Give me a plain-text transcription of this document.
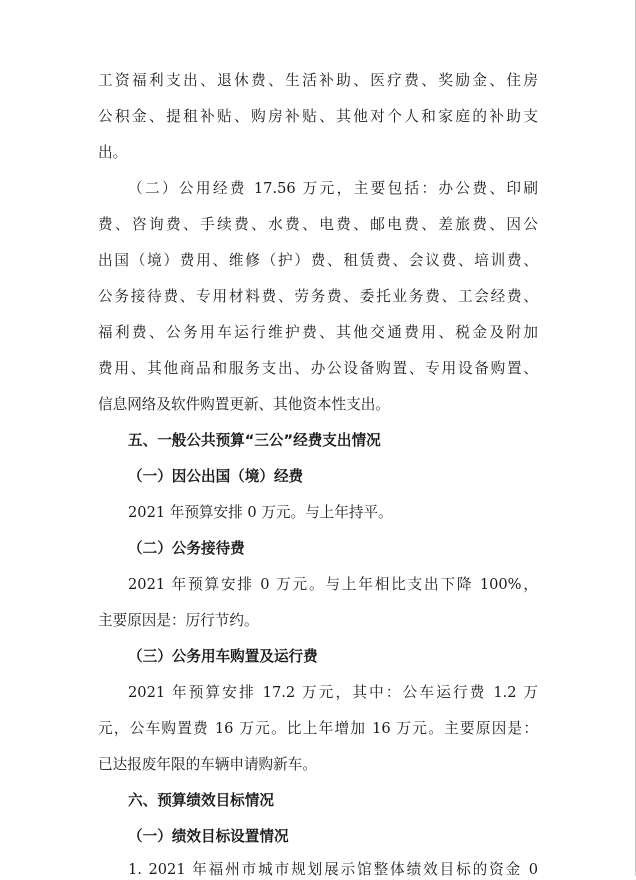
工资福利支出、退休费、生活补助、医疗费、奖励金、住房
公积金、提租补贴、购房补贴、其他对个人和家庭的补助支
出。
（二）公用经费 17.56 万元，主要包括：办公费、印刷
费、咨询费、手续费、水费、电费、邮电费、差旅费、因公
出国（境）费用、维修（护）费、租赁费、会议费、培训费、
公务接待费、专用材料费、劳务费、委托业务费、工会经费、
福利费、公务用车运行维护费、其他交通费用、税金及附加
费用、其他商品和服务支出、办公设备购置、专用设备购置、
信息网络及软件购置更新、其他资本性支出。
五、一般公共预算“三公”经费支出情况
（一）因公出国（境）经费
2021 年预算安排 0 万元。与上年持平。
（二）公务接待费
2021 年预算安排 0 万元。与上年相比支出下降 100%，
主要原因是：厉行节约。
（三）公务用车购置及运行费
2021 年预算安排 17.2 万元，其中：公车运行费 1.2 万
元，公车购置费 16 万元。比上年增加 16 万元。主要原因是：
已达报废年限的车辆申请购新车。
六、预算绩效目标情况
（一）绩效目标设置情况
1. 2021 年福州市城市规划展示馆整体绩效目标的资金 0
